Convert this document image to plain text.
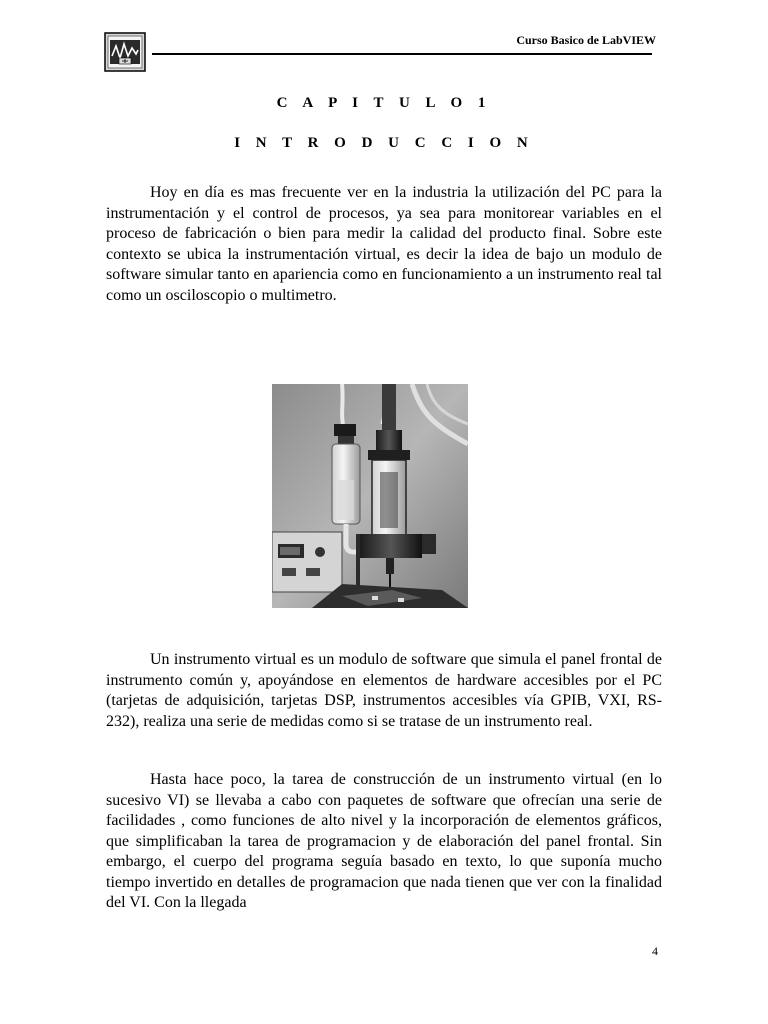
Curso Basico de LabVIEW
C A P I T U L O 1
I N T R O D U C C I O N

Hoy en día es mas frecuente ver en la industria la utilización del PC para la instrumentación y el control de procesos, ya sea para monitorear variables en el proceso de fabricación o bien para medir la calidad del producto final. Sobre este contexto se ubica la instrumentación virtual, es decir la idea de bajo un modulo de software simular tanto en apariencia como en funcionamiento a un instrumento real tal como un osciloscopio o multimetro.

Un instrumento virtual es un modulo de software que simula el panel frontal de instrumento común y, apoyándose en elementos de hardware accesibles por el PC (tarjetas de adquisición, tarjetas DSP, instrumentos accesibles vía GPIB, VXI, RS-232), realiza una serie de medidas como si se tratase de un instrumento real.

Hasta hace poco, la tarea de construcción de un instrumento virtual (en lo sucesivo VI) se llevaba a cabo con paquetes de software que ofrecían una serie de facilidades , como funciones de alto nivel y la incorporación de elementos gráficos, que simplificaban la tarea de programacion y de elaboración del panel frontal. Sin embargo, el cuerpo del programa seguía basado en texto, lo que suponía mucho tiempo invertido en detalles de programacion que nada tienen que ver con la finalidad del VI. Con la llegada

4
